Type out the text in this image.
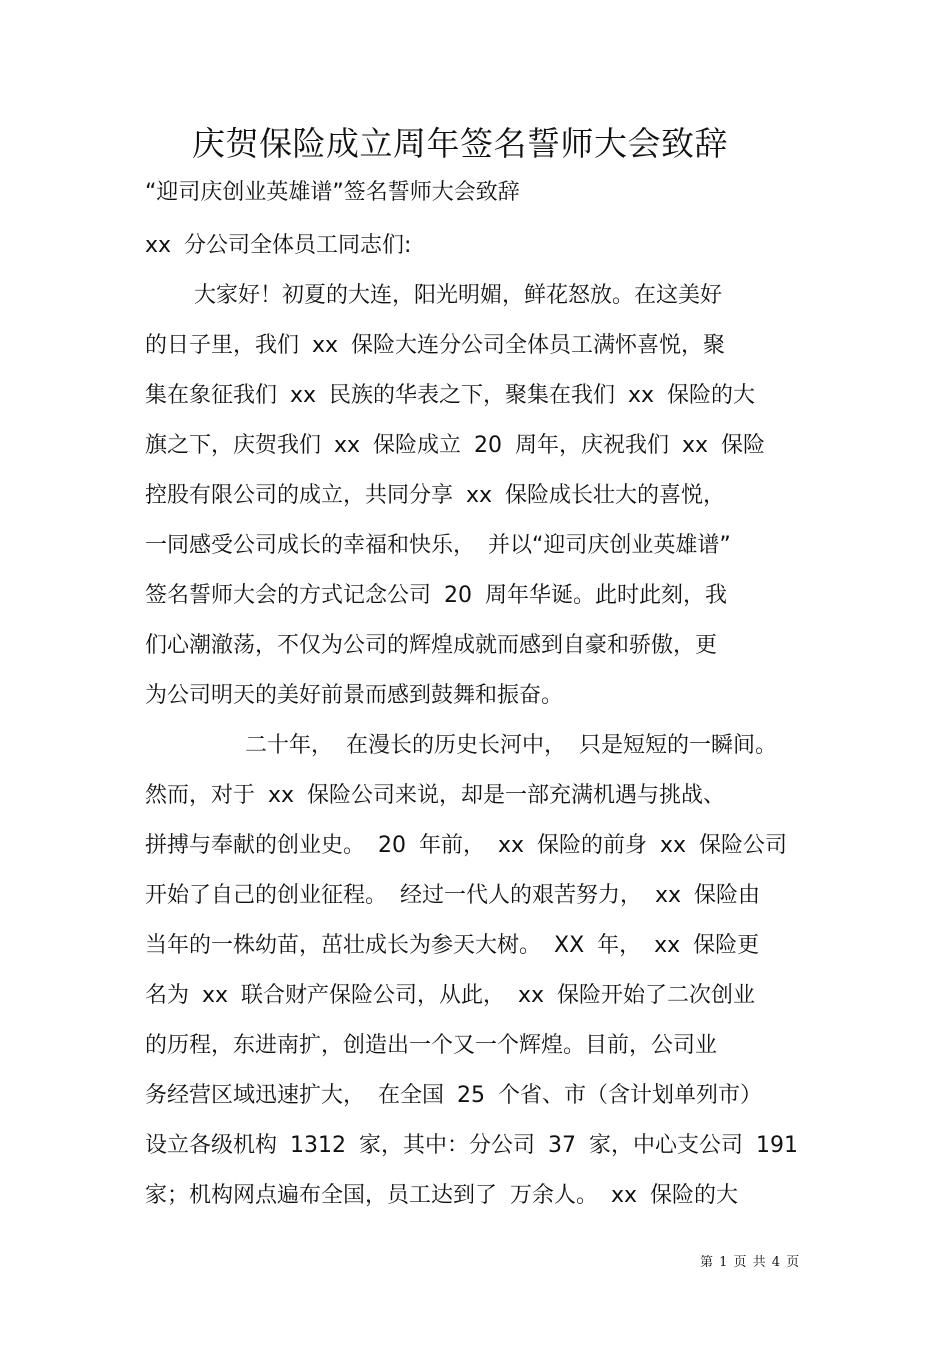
庆贺保险成立周年签名誓师大会致辞
“迎司庆创业英雄谱”签名誓师大会致辞
xx 分公司全体员工同志们:
大家好！初夏的大连，阳光明媚，鲜花怒放。在这美好
的日子里，我们 xx 保险大连分公司全体员工满怀喜悦，聚
集在象征我们 xx 民族的华表之下，聚集在我们 xx 保险的大
旗之下，庆贺我们 xx 保险成立 20 周年，庆祝我们 xx 保险
控股有限公司的成立，共同分享 xx 保险成长壮大的喜悦，
一同感受公司成长的幸福和快乐， 并以“迎司庆创业英雄谱”
签名誓师大会的方式记念公司 20 周年华诞。此时此刻，我
们心潮澈荡，不仅为公司的辉煌成就而感到自豪和骄傲，更
为公司明天的美好前景而感到鼓舞和振奋。
二十年， 在漫长的历史长河中， 只是短短的一瞬间。
然而，对于 xx 保险公司来说，却是一部充满机遇与挑战、
拼搏与奉献的创业史。 20 年前， xx 保险的前身 xx 保险公司
开始了自己的创业征程。 经过一代人的艰苦努力， xx 保险由
当年的一株幼苗，茁壮成长为参天大树。 XX 年， xx 保险更
名为 xx 联合财产保险公司，从此， xx 保险开始了二次创业
的历程，东进南扩，创造出一个又一个辉煌。目前，公司业
务经营区域迅速扩大， 在全国 25 个省、市（含计划单列市）
设立各级机构 1312 家，其中：分公司 37 家，中心支公司 191
家；机构网点遍布全国，员工达到了 万余人。 xx 保险的大
第 1 页 共 4 页
